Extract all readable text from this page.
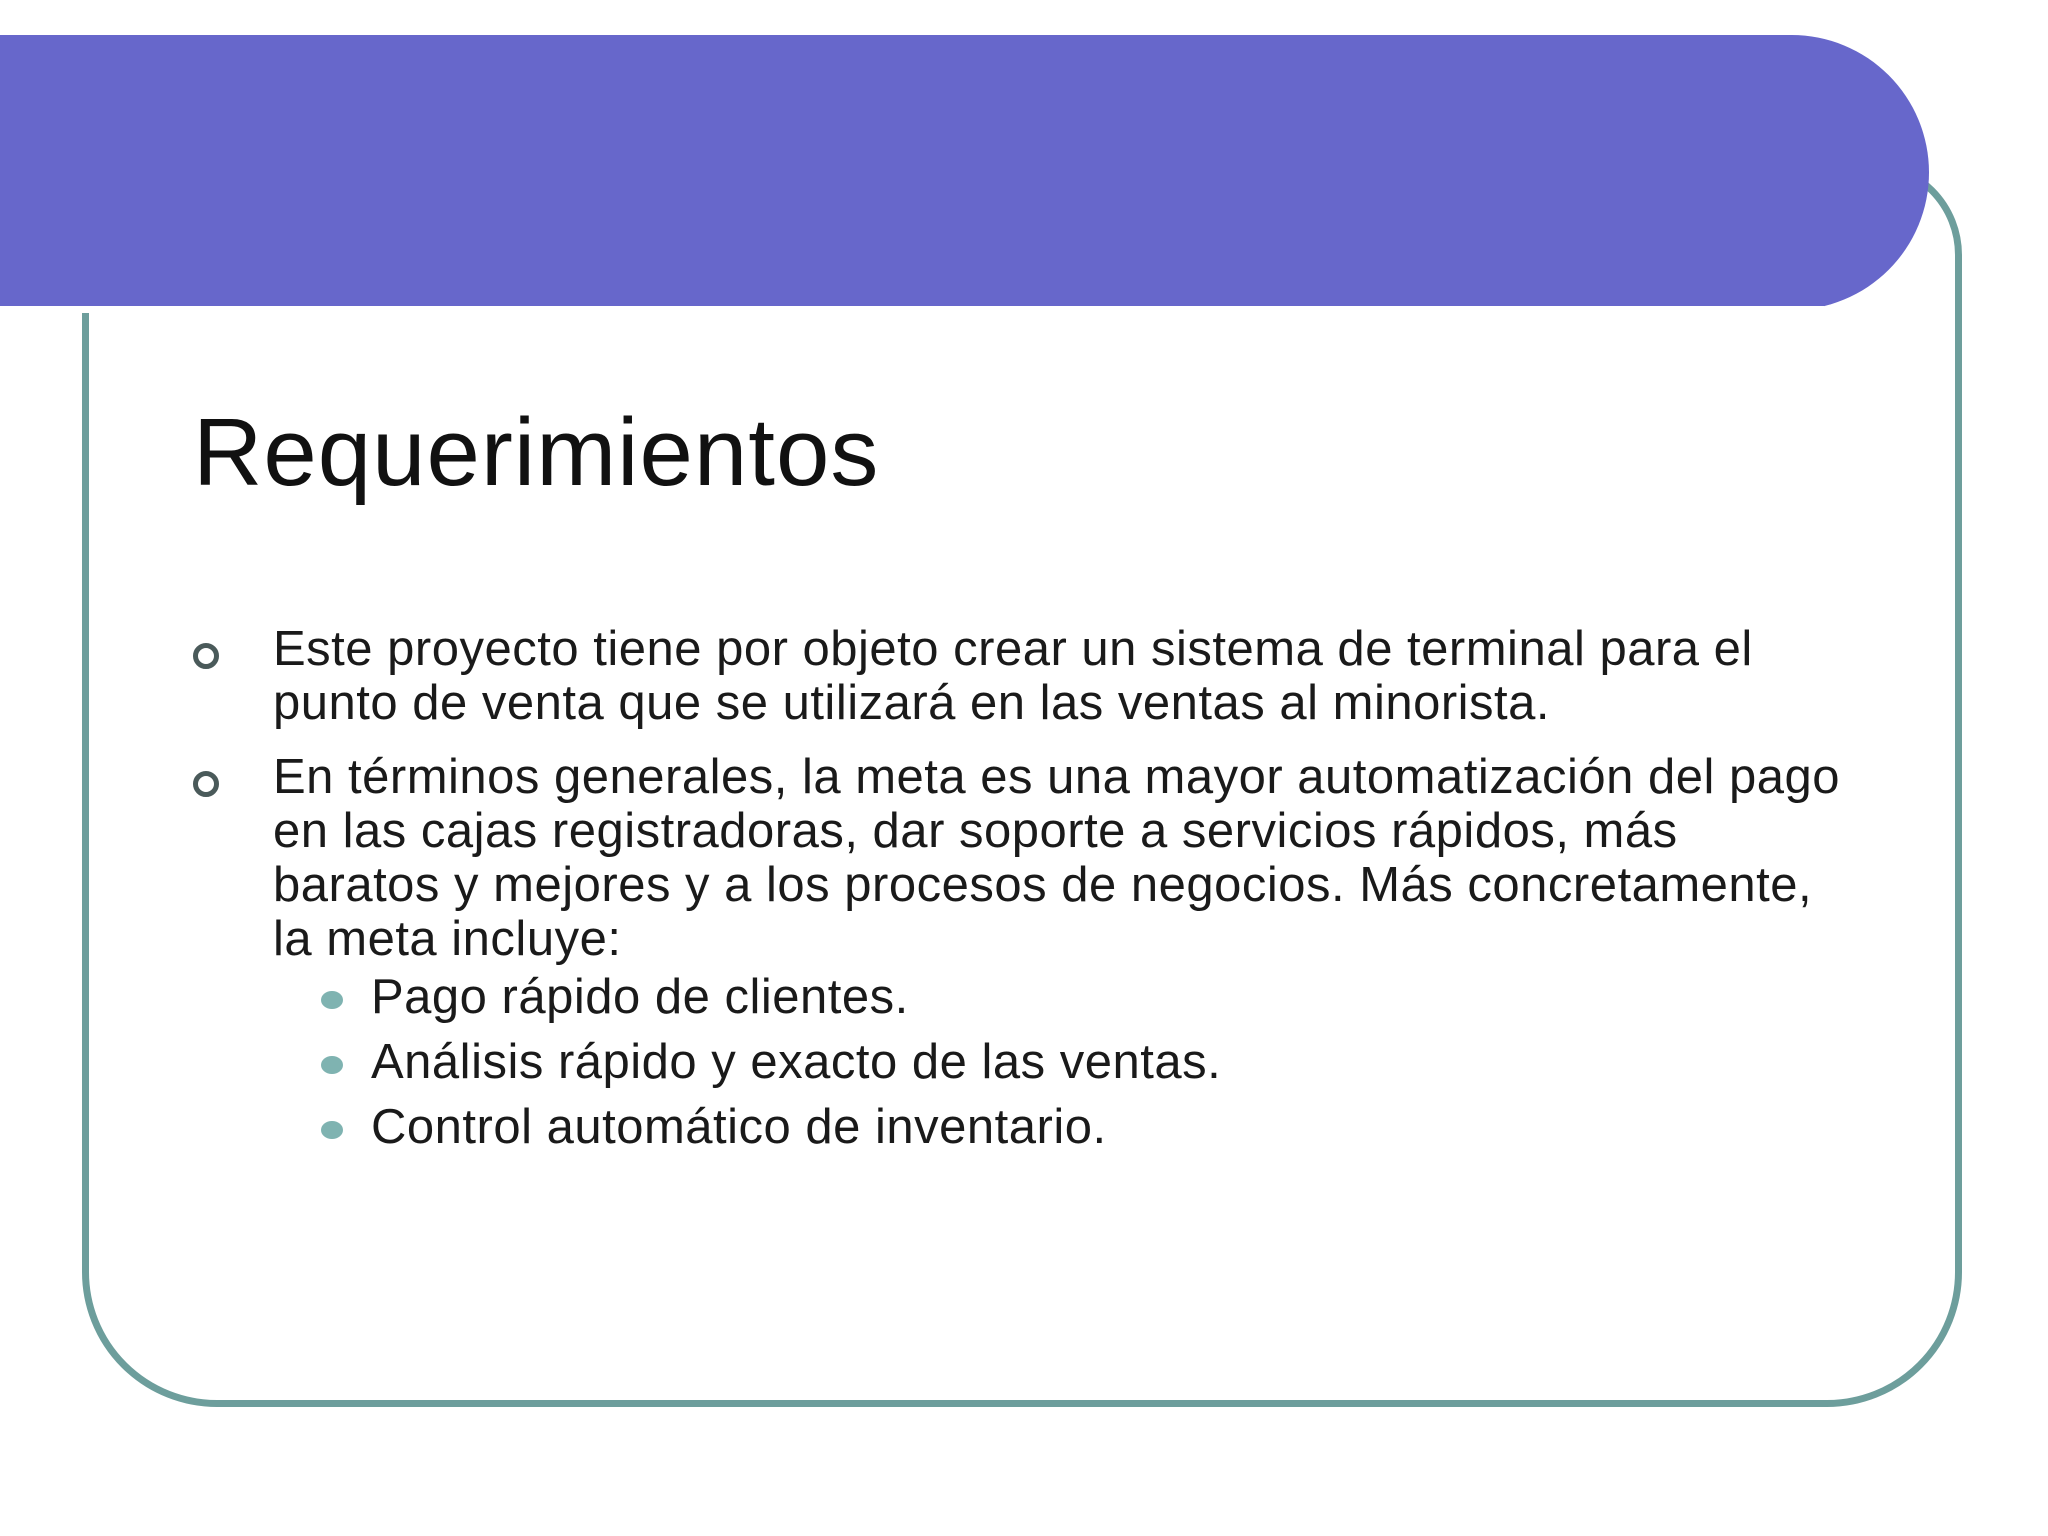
Requerimientos
Este proyecto tiene por objeto crear un sistema de terminal para el punto de venta que se utilizará en las ventas al minorista.
En términos generales, la meta es una mayor automatización del pago en las cajas registradoras, dar soporte a servicios rápidos, más baratos y mejores y a los procesos de negocios. Más concretamente, la meta incluye:
Pago rápido de clientes.
Análisis rápido y exacto de las ventas.
Control automático de inventario.
